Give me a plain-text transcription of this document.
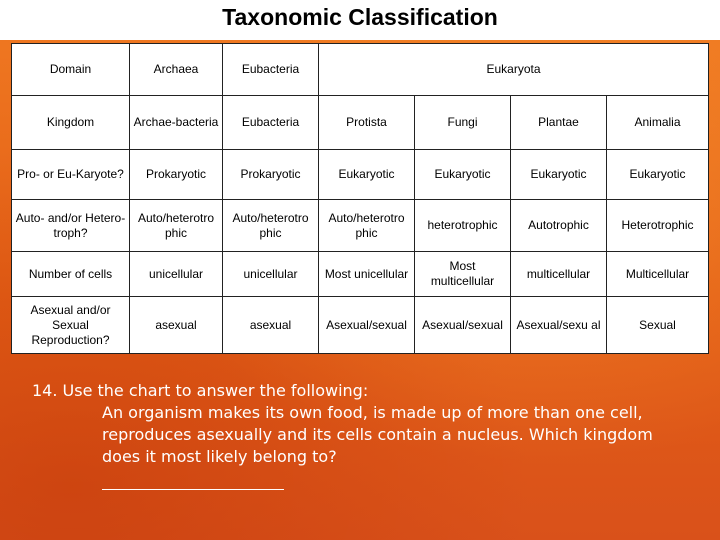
Taxonomic Classification
Domain	Archaea	Eubacteria	Eukaryota			
Kingdom	Archae-bacteria	Eubacteria	Protista	Fungi	Plantae	Animalia
Pro- or Eu-Karyote?	Prokaryotic	Prokaryotic	Eukaryotic	Eukaryotic	Eukaryotic	Eukaryotic
Auto- and/or Hetero- troph?	Auto/heterotro phic	Auto/heterotro phic	Auto/heterotro phic	heterotrophic	Autotrophic	Heterotrophic
Number of cells	unicellular	unicellular	Most unicellular	Most multicellular	multicellular	Multicellular
Asexual and/or Sexual Reproduction?	asexual	asexual	Asexual/sexual	Asexual/sexual	Asexual/sexu al	Sexual
14. Use the chart to answer the following:
An organism makes its own food, is made up of more than one cell, reproduces asexually and its cells contain a nucleus. Which kingdom does it most likely belong to?
